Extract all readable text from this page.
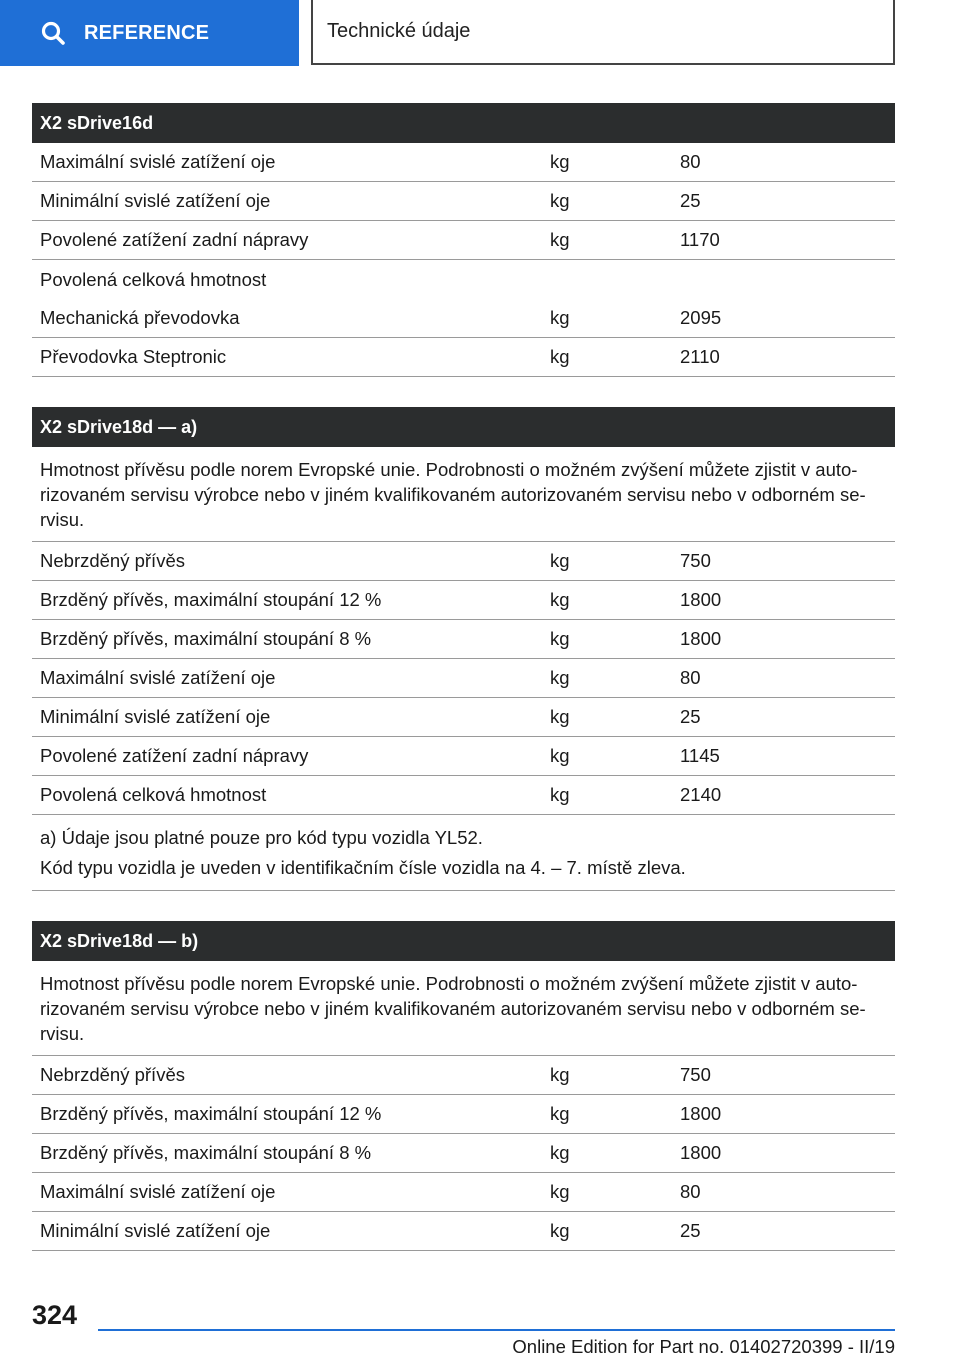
REFERENCE	Technické údaje
X2 sDrive16d
Maximální svislé zatížení oje	kg	80
Minimální svislé zatížení oje	kg	25
Povolené zatížení zadní nápravy	kg	1170
Povolená celková hmotnost
Mechanická převodovka	kg	2095
Převodovka Steptronic	kg	2110
X2 sDrive18d — a)
Hmotnost přívěsu podle norem Evropské unie. Podrobnosti o možném zvýšení můžete zjistit v auto-rizovaném servisu výrobce nebo v jiném kvalifikovaném autorizovaném servisu nebo v odborném se-rvisu.
Nebrzděný přívěs	kg	750
Brzděný přívěs, maximální stoupání 12 %	kg	1800
Brzděný přívěs, maximální stoupání 8 %	kg	1800
Maximální svislé zatížení oje	kg	80
Minimální svislé zatížení oje	kg	25
Povolené zatížení zadní nápravy	kg	1145
Povolená celková hmotnost	kg	2140
a) Údaje jsou platné pouze pro kód typu vozidla YL52.
Kód typu vozidla je uveden v identifikačním čísle vozidla na 4. – 7. místě zleva.
X2 sDrive18d — b)
Hmotnost přívěsu podle norem Evropské unie. Podrobnosti o možném zvýšení můžete zjistit v auto-rizovaném servisu výrobce nebo v jiném kvalifikovaném autorizovaném servisu nebo v odborném se-rvisu.
Nebrzděný přívěs	kg	750
Brzděný přívěs, maximální stoupání 12 %	kg	1800
Brzděný přívěs, maximální stoupání 8 %	kg	1800
Maximální svislé zatížení oje	kg	80
Minimální svislé zatížení oje	kg	25
324
Online Edition for Part no. 01402720399 - II/19
